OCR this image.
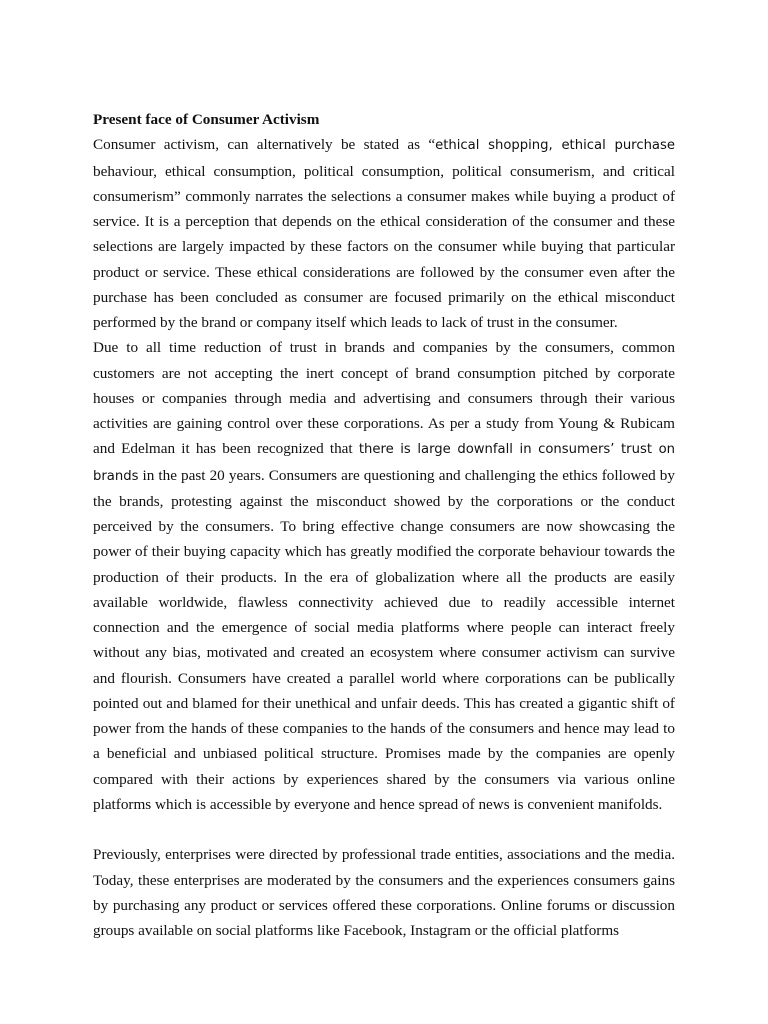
Present face of Consumer Activism

Consumer activism, can alternatively be stated as “ethical shopping, ethical purchase behaviour, ethical consumption, political consumption, political consumerism, and critical consumerism” commonly narrates the selections a consumer makes while buying a product of service. It is a perception that depends on the ethical consideration of the consumer and these selections are largely impacted by these factors on the consumer while buying that particular product or service. These ethical considerations are followed by the consumer even after the purchase has been concluded as consumer are focused primarily on the ethical misconduct performed by the brand or company itself which leads to lack of trust in the consumer.

Due to all time reduction of trust in brands and companies by the consumers, common customers are not accepting the inert concept of brand consumption pitched by corporate houses or companies through media and advertising and consumers through their various activities are gaining control over these corporations. As per a study from Young & Rubicam and Edelman it has been recognized that there is large downfall in consumers’ trust on brands in the past 20 years. Consumers are questioning and challenging the ethics followed by the brands, protesting against the misconduct showed by the corporations or the conduct perceived by the consumers. To bring effective change consumers are now showcasing the power of their buying capacity which has greatly modified the corporate behaviour towards the production of their products. In the era of globalization where all the products are easily available worldwide, flawless connectivity achieved due to readily accessible internet connection and the emergence of social media platforms where people can interact freely without any bias, motivated and created an ecosystem where consumer activism can survive and flourish. Consumers have created a parallel world where corporations can be publically pointed out and blamed for their unethical and unfair deeds. This has created a gigantic shift of power from the hands of these companies to the hands of the consumers and hence may lead to a beneficial and unbiased political structure. Promises made by the companies are openly compared with their actions by experiences shared by the consumers via various online platforms which is accessible by everyone and hence spread of news is convenient manifolds.

Previously, enterprises were directed by professional trade entities, associations and the media. Today, these enterprises are moderated by the consumers and the experiences consumers gains by purchasing any product or services offered these corporations. Online forums or discussion groups available on social platforms like Facebook, Instagram or the official platforms
